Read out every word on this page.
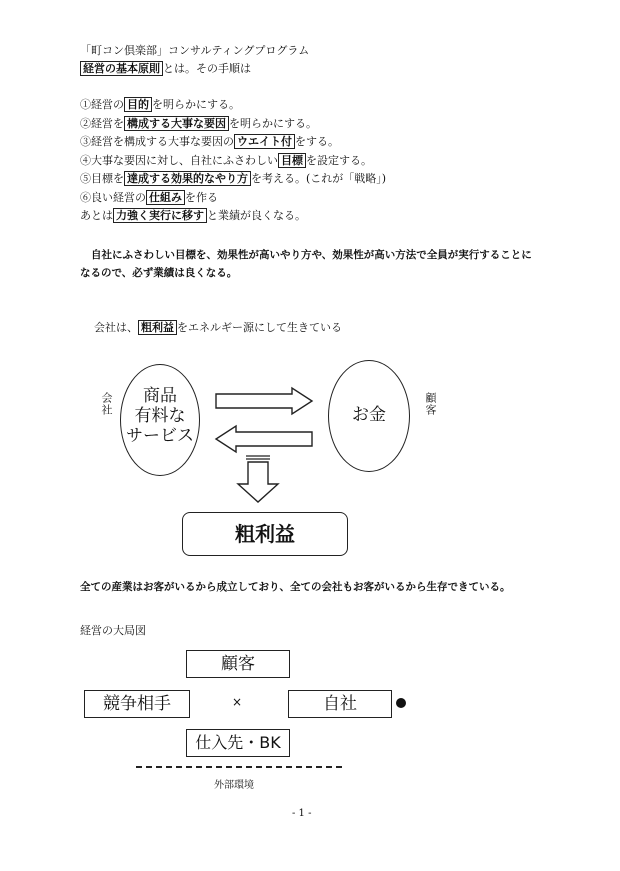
「町コン倶楽部」コンサルティングプログラム
経営の基本原則 とは。その手順は
①経営の 目的 を明らかにする。
②経営を 構成する大事な要因 を明らかにする。
③経営を構成する大事な要因の ウエイト付 をする。
④大事な要因に対し、自社にふさわしい 目標 を設定する。
⑤目標を 達成する効果的なやり方 を考える。(これが「戦略」)
⑥良い経営の 仕組み を作る
あとは 力強く実行に移す と業績が良くなる。
自社にふさわしい目標を、効果性が高いやり方や、効果性が高い方法で全員が実行することになるので、必ず業績は良くなる。
会社は、 粗利益 をエネルギー源にして生きている
会社	商品
有料な
サービス
お金	顧客
粗利益
全ての産業はお客がいるから成立しており、全ての会社もお客がいるから生存できている。
経営の大局図
顧客
競争相手	×	自社
仕入先・BK
外部環境
- 1 -
